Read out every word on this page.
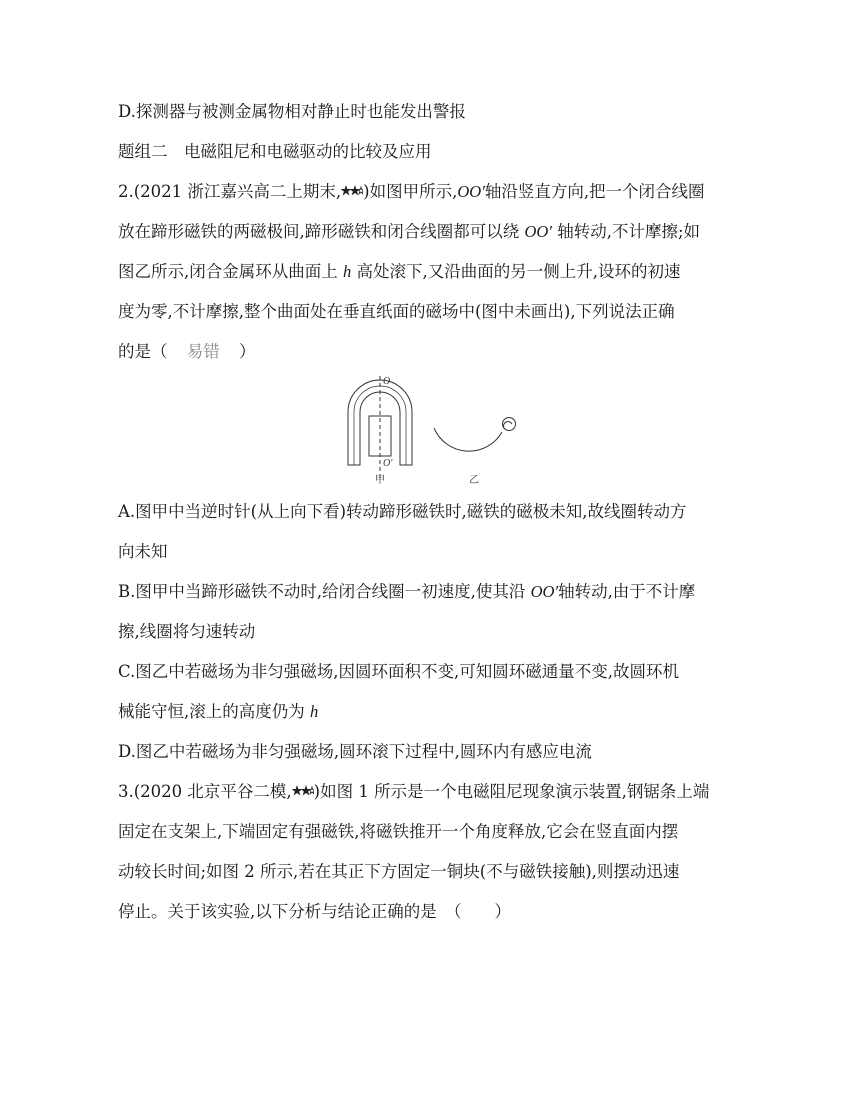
D.探测器与被测金属物相对静止时也能发出警报
题组二　电磁阻尼和电磁驱动的比较及应用
2.(2021 浙江嘉兴高二上期末, )如图甲所示,OO′轴沿竖直方向,把一个闭合线圈
放在蹄形磁铁的两磁极间,蹄形磁铁和闭合线圈都可以绕 OO′ 轴转动,不计摩擦;如
图乙所示,闭合金属环从曲面上 h 高处滚下,又沿曲面的另一侧上升,设环的初速
度为零,不计摩擦,整个曲面处在垂直纸面的磁场中(图中未画出),下列说法正确
的是（ 易错 ）
O
O′
甲	乙
A.图甲中当逆时针(从上向下看)转动蹄形磁铁时,磁铁的磁极未知,故线圈转动方
向未知
B.图甲中当蹄形磁铁不动时,给闭合线圈一初速度,使其沿 OO′轴转动,由于不计摩
擦,线圈将匀速转动
C.图乙中若磁场为非匀强磁场,因圆环面积不变,可知圆环磁通量不变,故圆环机
械能守恒,滚上的高度仍为 h
D.图乙中若磁场为非匀强磁场,圆环滚下过程中,圆环内有感应电流
3.(2020 北京平谷二模, )如图 1 所示是一个电磁阻尼现象演示装置,钢锯条上端
固定在支架上,下端固定有强磁铁,将磁铁推开一个角度释放,它会在竖直面内摆
动较长时间;如图 2 所示,若在其正下方固定一铜块(不与磁铁接触),则摆动迅速
停止。关于该实验,以下分析与结论正确的是　（　　）
